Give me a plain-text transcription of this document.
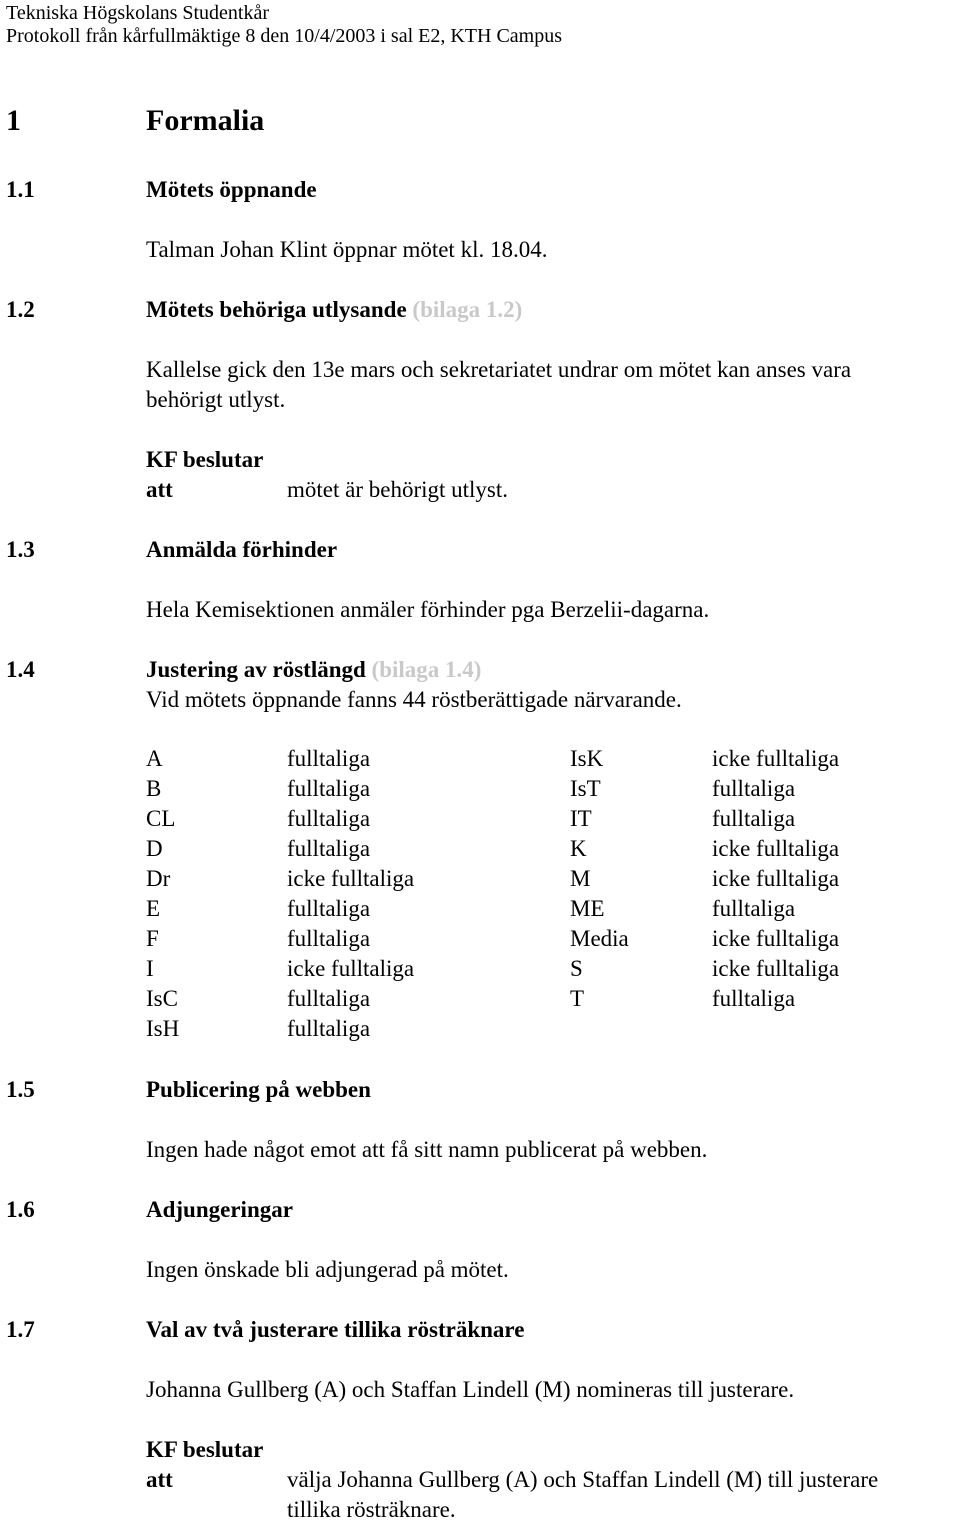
Tekniska Högskolans Studentkår
Protokoll från kårfullmäktige 8 den 10/4/2003 i sal E2, KTH Campus
1	Formalia
1.1	Mötets öppnande
Talman Johan Klint öppnar mötet kl. 18.04.
1.2	Mötets behöriga utlysande (bilaga 1.2)
Kallelse gick den 13e mars och sekretariatet undrar om mötet kan anses vara
behörigt utlyst.
KF beslutar
att	mötet är behörigt utlyst.
1.3	Anmälda förhinder
Hela Kemisektionen anmäler förhinder pga Berzelii-dagarna.
1.4	Justering av röstlängd (bilaga 1.4)
Vid mötets öppnande fanns 44 röstberättigade närvarande.
A	fulltaliga	IsK	icke fulltaliga
B	fulltaliga	IsT	fulltaliga
CL	fulltaliga	IT	fulltaliga
D	fulltaliga	K	icke fulltaliga
Dr	icke fulltaliga	M	icke fulltaliga
E	fulltaliga	ME	fulltaliga
F	fulltaliga	Media	icke fulltaliga
I	icke fulltaliga	S	icke fulltaliga
IsC	fulltaliga	T	fulltaliga
IsH	fulltaliga
1.5	Publicering på webben
Ingen hade något emot att få sitt namn publicerat på webben.
1.6	Adjungeringar
Ingen önskade bli adjungerad på mötet.
1.7	Val av två justerare tillika rösträknare
Johanna Gullberg (A) och Staffan Lindell (M) nomineras till justerare.
KF beslutar
att	välja Johanna Gullberg (A) och Staffan Lindell (M) till justerare
tillika rösträknare.
